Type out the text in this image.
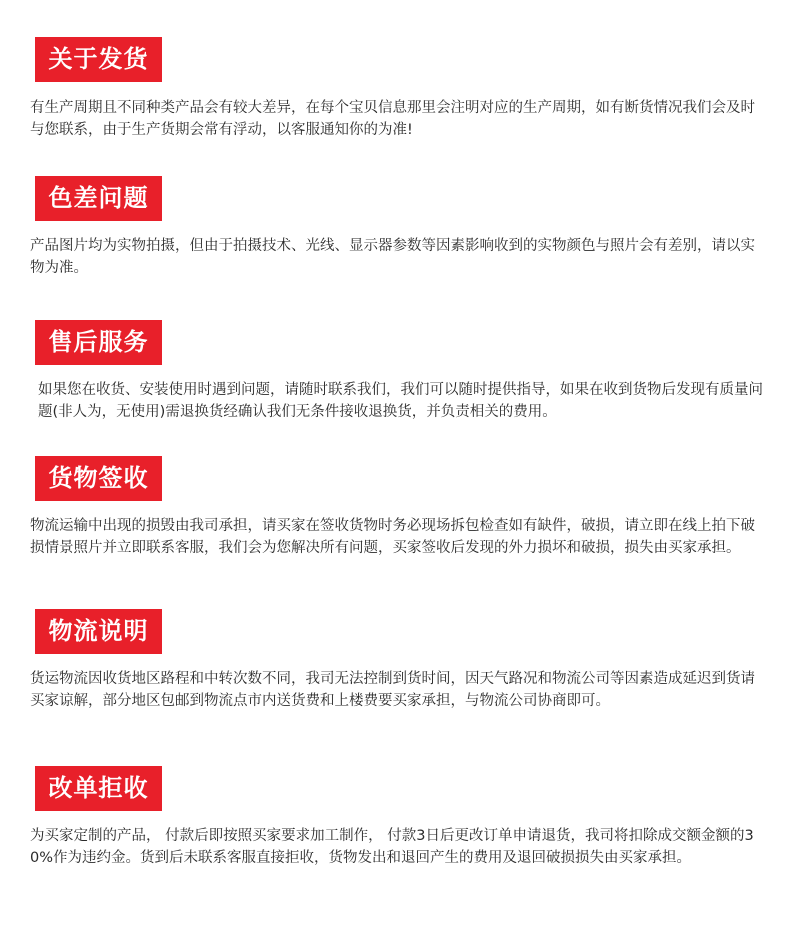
关于发货
有生产周期且不同种类产品会有较大差异，在每个宝贝信息那里会注明对应的生产周期，如有断货情况我们会及时与您联系，由于生产货期会常有浮动，以客服通知你的为准!
色差问题
产品图片均为实物拍摄，但由于拍摄技术、光线、显示器参数等因素影响收到的实物颜色与照片会有差别，请以实物为准。
售后服务
如果您在收货、安装使用时遇到问题，请随时联系我们，我们可以随时提供指导，如果在收到货物后发现有质量问题(非人为，无使用)需退换货经确认我们无条件接收退换货，并负责相关的费用。
货物签收
物流运输中出现的损毁由我司承担，请买家在签收货物时务必现场拆包检查如有缺件，破损，请立即在线上拍下破损情景照片并立即联系客服，我们会为您解决所有问题，买家签收后发现的外力损坏和破损，损失由买家承担。
物流说明
货运物流因收货地区路程和中转次数不同，我司无法控制到货时间，因天气路况和物流公司等因素造成延迟到货请买家谅解，部分地区包邮到物流点市内送货费和上楼费要买家承担，与物流公司协商即可。
改单拒收
为买家定制的产品， 付款后即按照买家要求加工制作， 付款3日后更改订单申请退货，我司将扣除成交额金额的30%作为违约金。货到后未联系客服直接拒收，货物发出和退回产生的费用及退回破损损失由买家承担。
